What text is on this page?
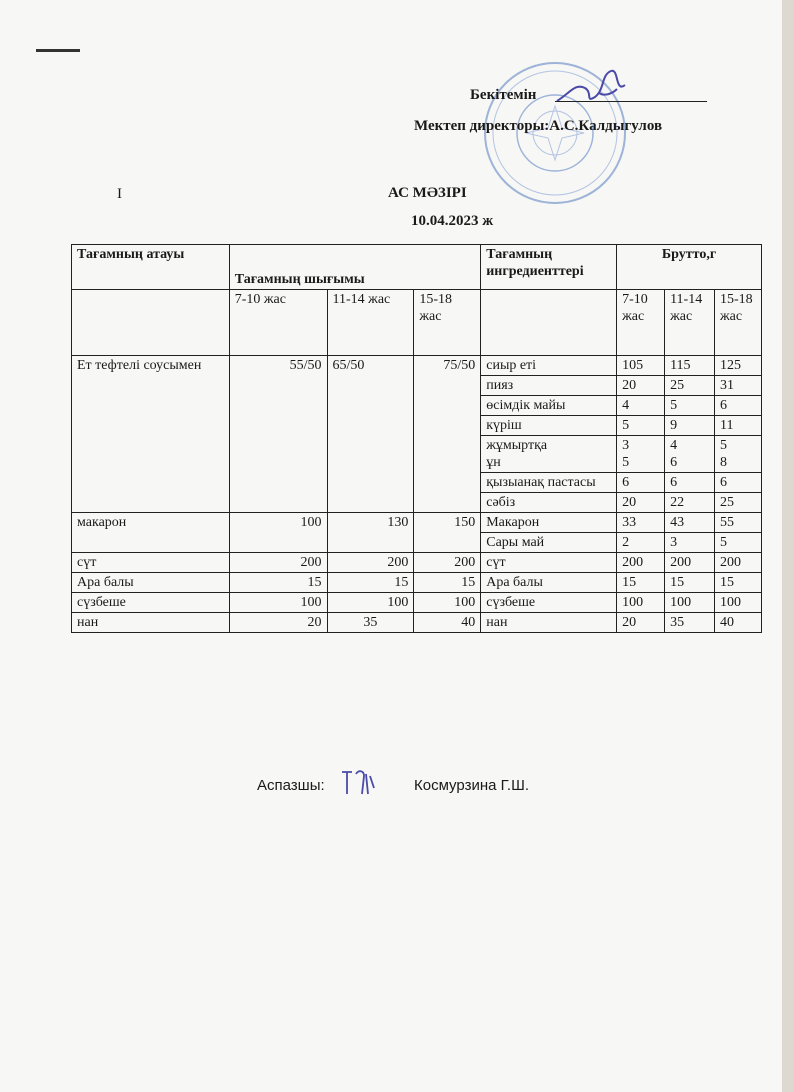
Бекітемін
Мектеп директоры:А.С.Калдыгулов
I	АС МӘЗІРІ
10.04.2023 ж
Тағамның атауы	Тағамның шығымы			Тағамның ингредиенттері	Брутто,г		
	7-10 жас	11-14 жас	15-18 жас		7-10 жас	11-14 жас	15-18 жас
Ет тефтелі соусымен	55/50	65/50	75/50	сиыр еті	105	115	125
				пияз	20	25	31
				өсімдік майы	4	5	6
				күріш	5	9	11

				жұмыртқа ұн	3 5	4 6	5 8

				қызыанақ пастасы	6	6	6
				сәбіз	20	22	25
макарон	100	130	150	Макарон	33	43	55
				Сары май	2	3	5
сүт	200	200	200	сүт	200	200	200
Ара балы	15	15	15	Ара балы	15	15	15
сүзбеше	100	100	100	сүзбеше	100	100	100
нан	20	35	40	нан	20	35	40
Аспазшы:	Космурзина Г.Ш.
